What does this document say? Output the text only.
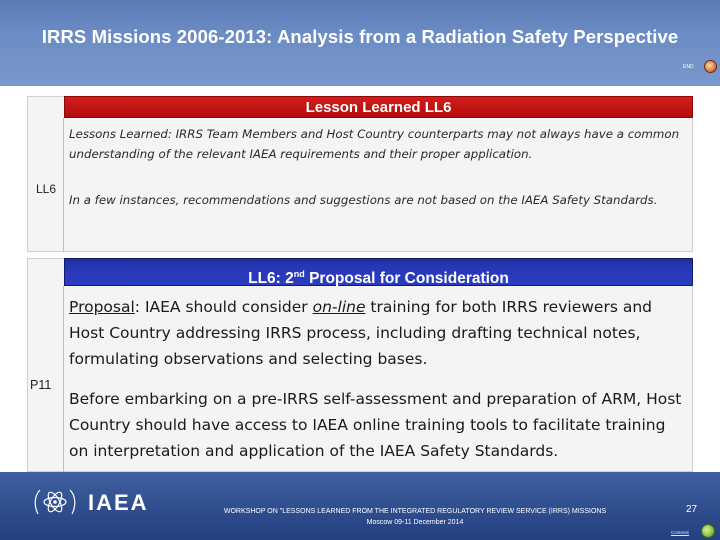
IRRS Missions 2006-2013: Analysis from a Radiation Safety Perspective
END
Lesson Learned LL6
LL6
Lessons Learned: IRRS Team Members and Host Country counterparts may not always have a common understanding of the relevant IAEA requirements and their proper application.
In a few instances, recommendations and suggestions are not based on the IAEA Safety Standards.
LL6: 2nd Proposal for Consideration
P11
Proposal: IAEA should consider on-line training for both IRRS reviewers and Host Country addressing IRRS process, including drafting technical notes, formulating observations and selecting bases.
Before embarking on a pre-IRRS self-assessment and preparation of ARM, Host Country should have access to IAEA online training tools to facilitate training on interpretation and application of the IAEA Safety Standards.
IAEA	WORKSHOP ON "LESSONS LEARNED FROM THE INTEGRATED REGULATORY REVIEW SERVICE (IRRS) MISSIONS
Moscow 09-11 December 2014
27
Contents
